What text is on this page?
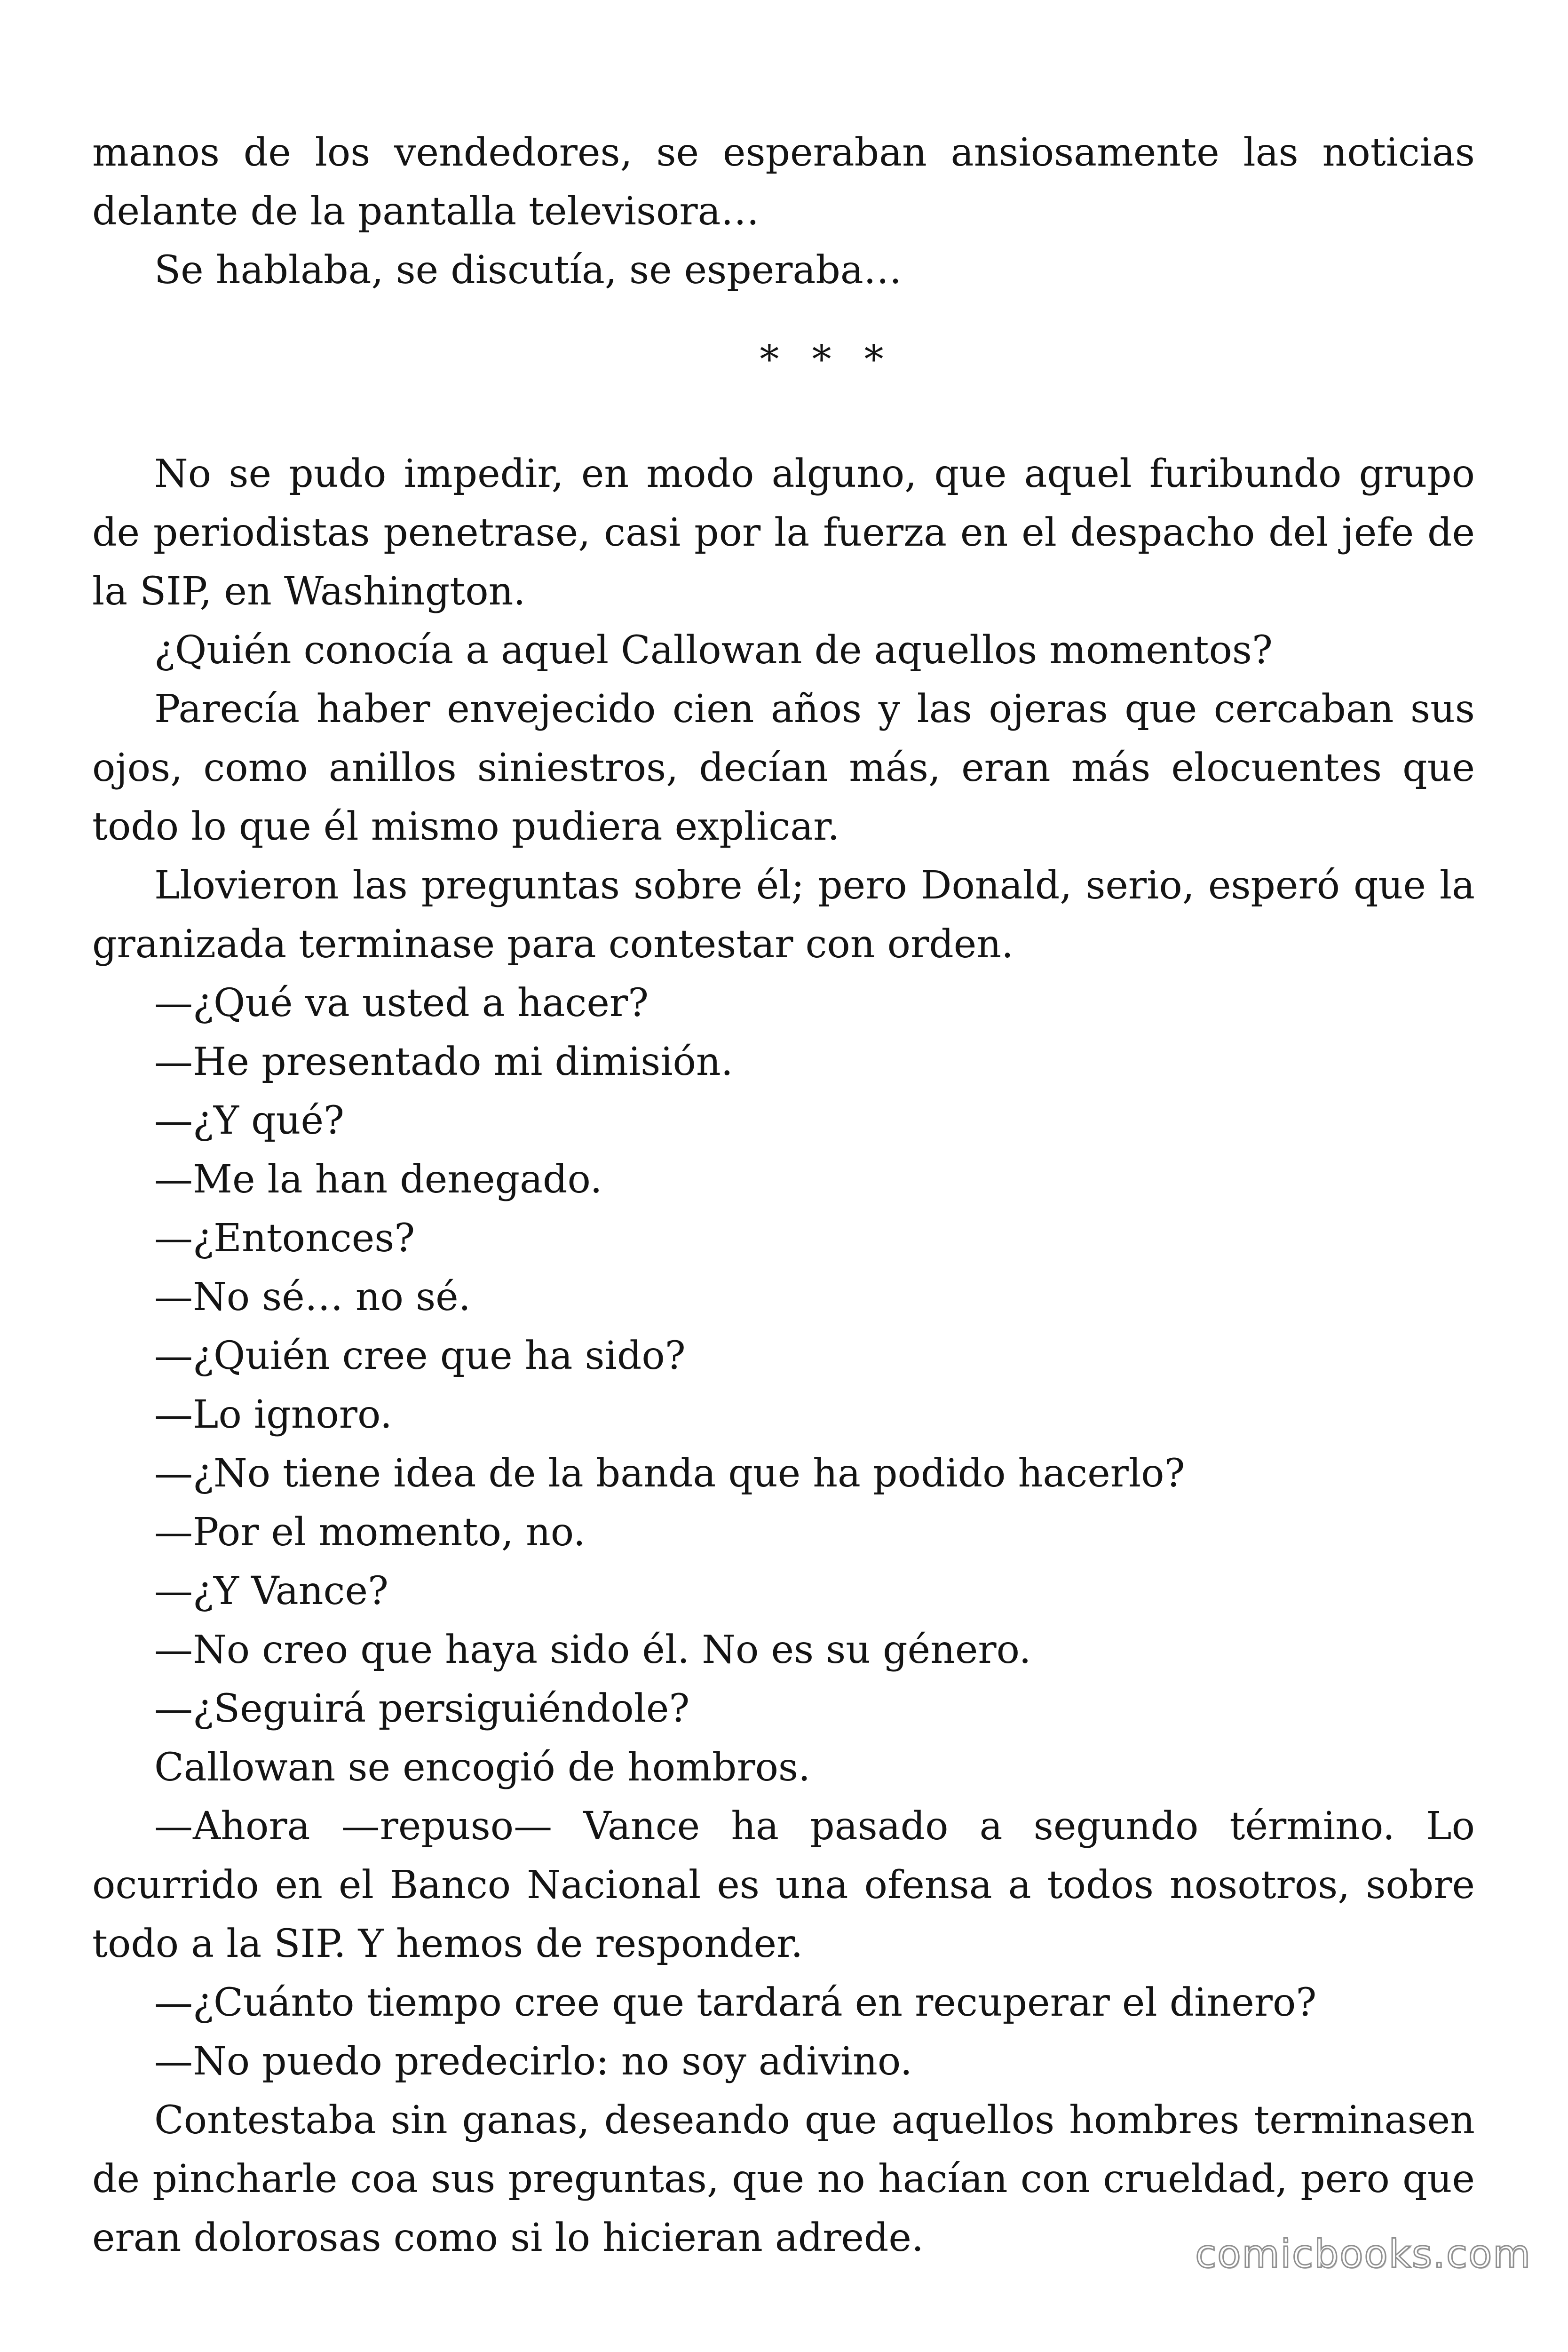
manos de los vendedores, se esperaban ansiosamente las noticias delante de la pantalla televisora…

Se hablaba, se discutía, se esperaba…

* * *

No se pudo impedir, en modo alguno, que aquel furibundo grupo de periodistas penetrase, casi por la fuerza en el despacho del jefe de la SIP, en Washington.

¿Quién conocía a aquel Callowan de aquellos momentos?

Parecía haber envejecido cien años y las ojeras que cercaban sus ojos, como anillos siniestros, decían más, eran más elocuentes que todo lo que él mismo pudiera explicar.

Llovieron las preguntas sobre él; pero Donald, serio, esperó que la granizada terminase para contestar con orden.

—¿Qué va usted a hacer?

—He presentado mi dimisión.

—¿Y qué?

—Me la han denegado.

—¿Entonces?

—No sé… no sé.

—¿Quién cree que ha sido?

—Lo ignoro.

—¿No tiene idea de la banda que ha podido hacerlo?

—Por el momento, no.

—¿Y Vance?

—No creo que haya sido él. No es su género.

—¿Seguirá persiguiéndole?

Callowan se encogió de hombros.

—Ahora —repuso— Vance ha pasado a segundo término. Lo ocurrido en el Banco Nacional es una ofensa a todos nosotros, sobre todo a la SIP. Y hemos de responder.

—¿Cuánto tiempo cree que tardará en recuperar el dinero?

—No puedo predecirlo: no soy adivino.

Contestaba sin ganas, deseando que aquellos hombres terminasen de pincharle coa sus preguntas, que no hacían con crueldad, pero que eran dolorosas como si lo hicieran adrede.	comicbooks.com
